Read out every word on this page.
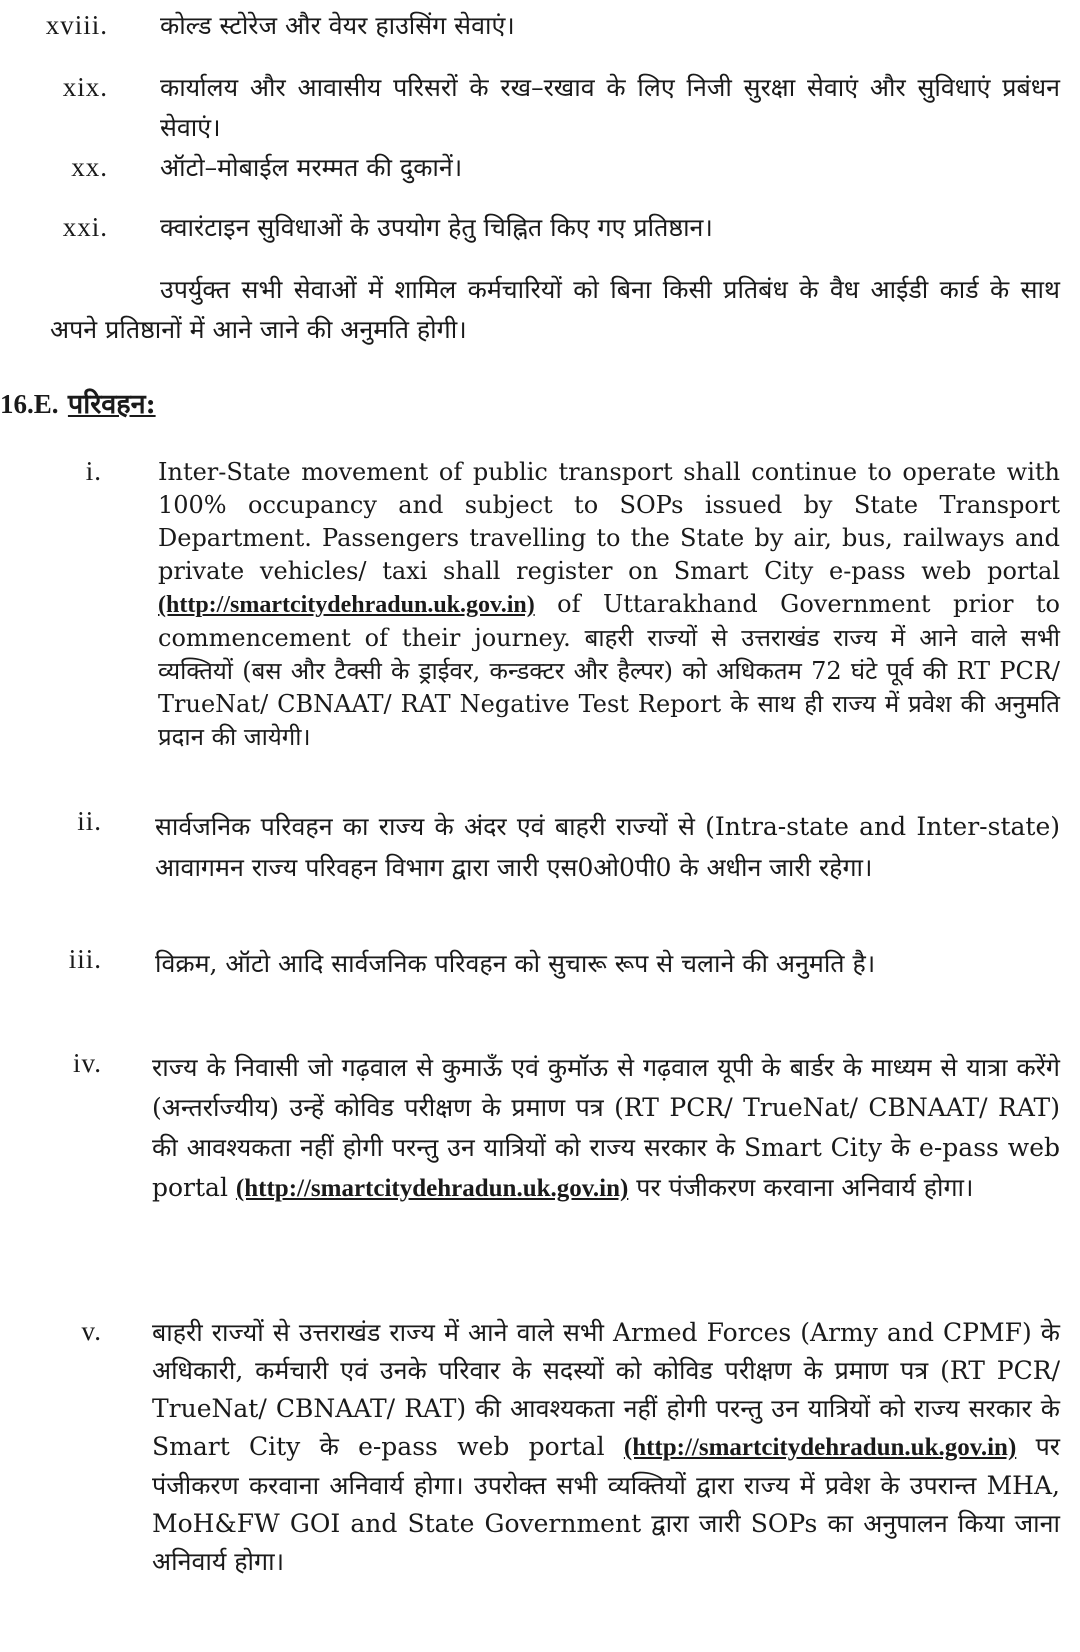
xviii. कोल्ड स्टोरेज और वेयर हाउसिंग सेवाएं।
xix. कार्यालय और आवासीय परिसरों के रख–रखाव के लिए निजी सुरक्षा सेवाएं और सुविधाएं प्रबंधन सेवाएं।
xx. ऑटो–मोबाईल मरम्मत की दुकानें।
xxi. क्वारंटाइन सुविधाओं के उपयोग हेतु चिह्नित किए गए प्रतिष्ठान।
उपर्युक्त सभी सेवाओं में शामिल कर्मचारियों को बिना किसी प्रतिबंध के वैध आईडी कार्ड के साथ अपने प्रतिष्ठानों में आने जाने की अनुमति होगी।
16.E. परिवहन:
i. Inter-State movement of public transport shall continue to operate with 100% occupancy and subject to SOPs issued by State Transport Department. Passengers travelling to the State by air, bus, railways and private vehicles/ taxi shall register on Smart City e-pass web portal (http://smartcitydehradun.uk.gov.in) of Uttarakhand Government prior to commencement of their journey. बाहरी राज्यों से उत्तराखंड राज्य में आने वाले सभी व्यक्तियों (बस और टैक्सी के ड्राईवर, कन्डक्टर और हैल्पर) को अधिकतम 72 घंटे पूर्व की RT PCR/ TrueNat/ CBNAAT/ RAT Negative Test Report के साथ ही राज्य में प्रवेश की अनुमति प्रदान की जायेगी।
ii. सार्वजनिक परिवहन का राज्य के अंदर एवं बाहरी राज्यों से (Intra-state and Inter-state) आवागमन राज्य परिवहन विभाग द्वारा जारी एस0ओ0पी0 के अधीन जारी रहेगा।
iii. विक्रम, ऑटो आदि सार्वजनिक परिवहन को सुचारू रूप से चलाने की अनुमति है।
iv. राज्य के निवासी जो गढ़वाल से कुमाऊँ एवं कुमॉऊ से गढ़वाल यूपी के बार्डर के माध्यम से यात्रा करेंगे (अन्तर्राज्यीय) उन्हें कोविड परीक्षण के प्रमाण पत्र (RT PCR/ TrueNat/ CBNAAT/ RAT) की आवश्यकता नहीं होगी परन्तु उन यात्रियों को राज्य सरकार के Smart City के e-pass web portal (http://smartcitydehradun.uk.gov.in) पर पंजीकरण करवाना अनिवार्य होगा।
v. बाहरी राज्यों से उत्तराखंड राज्य में आने वाले सभी Armed Forces (Army and CPMF) के अधिकारी, कर्मचारी एवं उनके परिवार के सदस्यों को कोविड परीक्षण के प्रमाण पत्र (RT PCR/ TrueNat/ CBNAAT/ RAT) की आवश्यकता नहीं होगी परन्तु उन यात्रियों को राज्य सरकार के Smart City के e-pass web portal (http://smartcitydehradun.uk.gov.in) पर पंजीकरण करवाना अनिवार्य होगा। उपरोक्त सभी व्यक्तियों द्वारा राज्य में प्रवेश के उपरान्त MHA, MoH&FW GOI and State Government द्वारा जारी SOPs का अनुपालन किया जाना अनिवार्य होगा।
